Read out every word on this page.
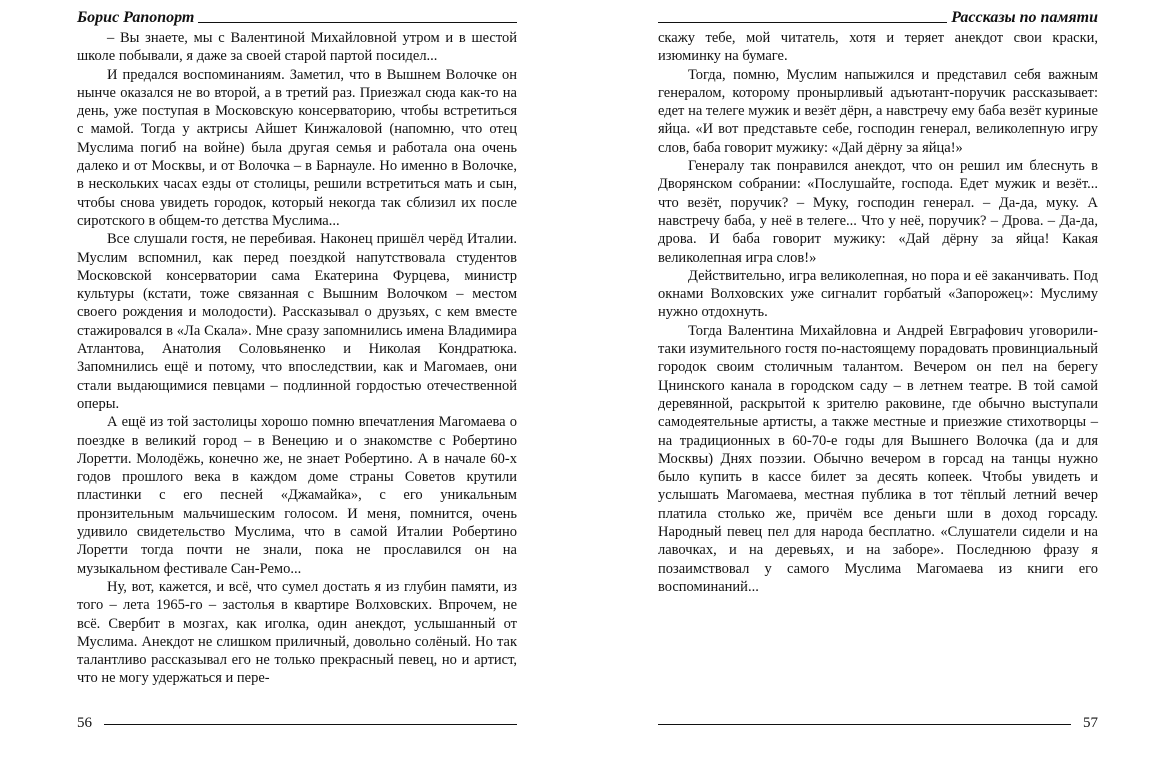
Борис Рапопорт

– Вы знаете, мы с Валентиной Михайловной утром и в шестой школе побывали, я даже за своей старой партой посидел...

И предался воспоминаниям. Заметил, что в Вышнем Волочке он нынче оказался не во второй, а в третий раз. Приезжал сюда как-то на день, уже поступая в Московскую консерваторию, чтобы встретиться с мамой. Тогда у актрисы Айшет Кинжаловой (напомню, что отец Муслима погиб на войне) была другая семья и работала она очень далеко и от Москвы, и от Волочка – в Барнауле. Но именно в Волочке, в нескольких часах езды от столицы, решили встретиться мать и сын, чтобы снова увидеть городок, который некогда так сблизил их после сиротского в общем-то детства Муслима...

Все слушали гостя, не перебивая. Наконец пришёл черёд Италии. Муслим вспомнил, как перед поездкой напутствовала студентов Московской консерватории сама Екатерина Фурцева, министр культуры (кстати, тоже связанная с Вышним Волочком – местом своего рождения и молодости). Рассказывал о друзьях, с кем вместе стажировался в «Ла Скала». Мне сразу запомнились имена Владимира Атлантова, Анатолия Соловьяненко и Николая Кондратюка. Запомнились ещё и потому, что впоследствии, как и Магомаев, они стали выдающимися певцами – подлинной гордостью отечественной оперы.

А ещё из той застолицы хорошо помню впечатления Магомаева о поездке в великий город – в Венецию и о знакомстве с Робертино Лоретти. Молодёжь, конечно же, не знает Робертино. А в начале 60-х годов прошлого века в каждом доме страны Советов крутили пластинки с его песней «Джамайка», с его уникальным пронзительным мальчишеским голосом. И меня, помнится, очень удивило свидетельство Муслима, что в самой Италии Робертино Лоретти тогда почти не знали, пока не прославился он на музыкальном фестивале Сан-Ремо...

Ну, вот, кажется, и всё, что сумел достать я из глубин памяти, из того – лета 1965-го – застолья в квартире Волховских. Впрочем, не всё. Свербит в мозгах, как иголка, один анекдот, услышанный от Муслима. Анекдот не слишком приличный, довольно солёный. Но так талантливо рассказывал его не только прекрасный певец, но и артист, что не могу удержаться и пере-

56
Рассказы по памяти

скажу тебе, мой читатель, хотя и теряет анекдот свои краски, изюминку на бумаге.

Тогда, помню, Муслим напыжился и представил себя важным генералом, которому пронырливый адъютант-поручик рассказывает: едет на телеге мужик и везёт дёрн, а навстречу ему баба везёт куриные яйца. «И вот представьте себе, господин генерал, великолепную игру слов, баба говорит мужику: «Дай дёрну за яйца!»

Генералу так понравился анекдот, что он решил им блеснуть в Дворянском собрании: «Послушайте, господа. Едет мужик и везёт... что везёт, поручик? – Муку, господин генерал. – Да-да, муку. А навстречу баба, у неё в телеге... Что у неё, поручик? – Дрова. – Да-да, дрова. И баба говорит мужику: «Дай дёрну за яйца! Какая великолепная игра слов!»

Действительно, игра великолепная, но пора и её заканчивать. Под окнами Волховских уже сигналит горбатый «Запорожец»: Муслиму нужно отдохнуть.

Тогда Валентина Михайловна и Андрей Евграфович уговорили-таки изумительного гостя по-настоящему порадовать провинциальный городок своим столичным талантом. Вечером он пел на берегу Цнинского канала в городском саду – в летнем театре. В той самой деревянной, раскрытой к зрителю раковине, где обычно выступали самодеятельные артисты, а также местные и приезжие стихотворцы – на традиционных в 60-70-е годы для Вышнего Волочка (да и для Москвы) Днях поэзии. Обычно вечером в горсад на танцы нужно было купить в кассе билет за десять копеек. Чтобы увидеть и услышать Магомаева, местная публика в тот тёплый летний вечер платила столько же, причём все деньги шли в доход горсаду. Народный певец пел для народа бесплатно. «Слушатели сидели и на лавочках, и на деревьях, и на заборе». Последнюю фразу я позаимствовал у самого Муслима Магомаева из книги его воспоминаний...

57
